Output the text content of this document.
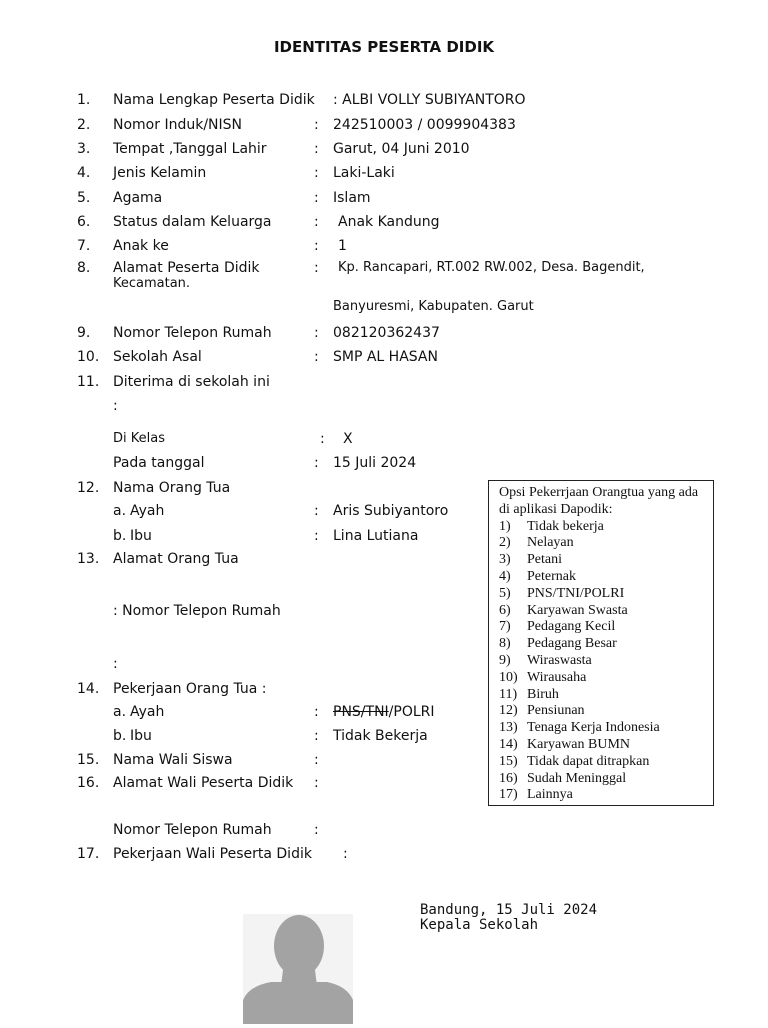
IDENTITAS PESERTA DIDIK
1. Nama Lengkap Peserta Didik : ALBI VOLLY SUBIYANTORO
2. Nomor Induk/NISN	: 242510003 / 0099904383
3. Tempat ,Tanggal Lahir	: Garut, 04 Juni 2010
4. Jenis Kelamin	: Laki-Laki
5. Agama	: Islam
6. Status dalam Keluarga	: Anak Kandung
7. Anak ke	: 1
8. Alamat Peserta Didik
Kecamatan.
: Kp. Rancapari, RT.002 RW.002, Desa. Bagendit,
Banyuresmi, Kabupaten. Garut
9. Nomor Telepon Rumah	: 082120362437
10. Sekolah Asal	: SMP AL HASAN
11. Diterima di sekolah ini
:
Di Kelas	: X
Pada tanggal	: 15 Juli 2024
12. Nama Orang Tua
a. Ayah	: Aris Subiyantoro
b. Ibu	: Lina Lutiana
13. Alamat Orang Tua
: Nomor Telepon Rumah
:
14. Pekerjaan Orang Tua :
a. Ayah	: PNS/TNI/POLRI
b. Ibu	: Tidak Bekerja
15. Nama Wali Siswa	:
16. Alamat Wali Peserta Didik :
Nomor Telepon Rumah	:
17. Pekerjaan Wali Peserta Didik :
Opsi Pekerrjaan Orangtua yang ada di aplikasi Dapodik:
1)	Tidak bekerja
2)	Nelayan
3)	Petani
4)	Peternak
5)	PNS/TNI/POLRI
6)	Karyawan Swasta
7)	Pedagang Kecil
8)	Pedagang Besar
9)	Wiraswasta
10) Wirausaha
11) Biruh
12) Pensiunan
13) Tenaga Kerja Indonesia
14) Karyawan BUMN
15) Tidak dapat ditrapkan
16) Sudah Meninggal
17) Lainnya
Bandung, 15 Juli 2024
Kepala Sekolah
